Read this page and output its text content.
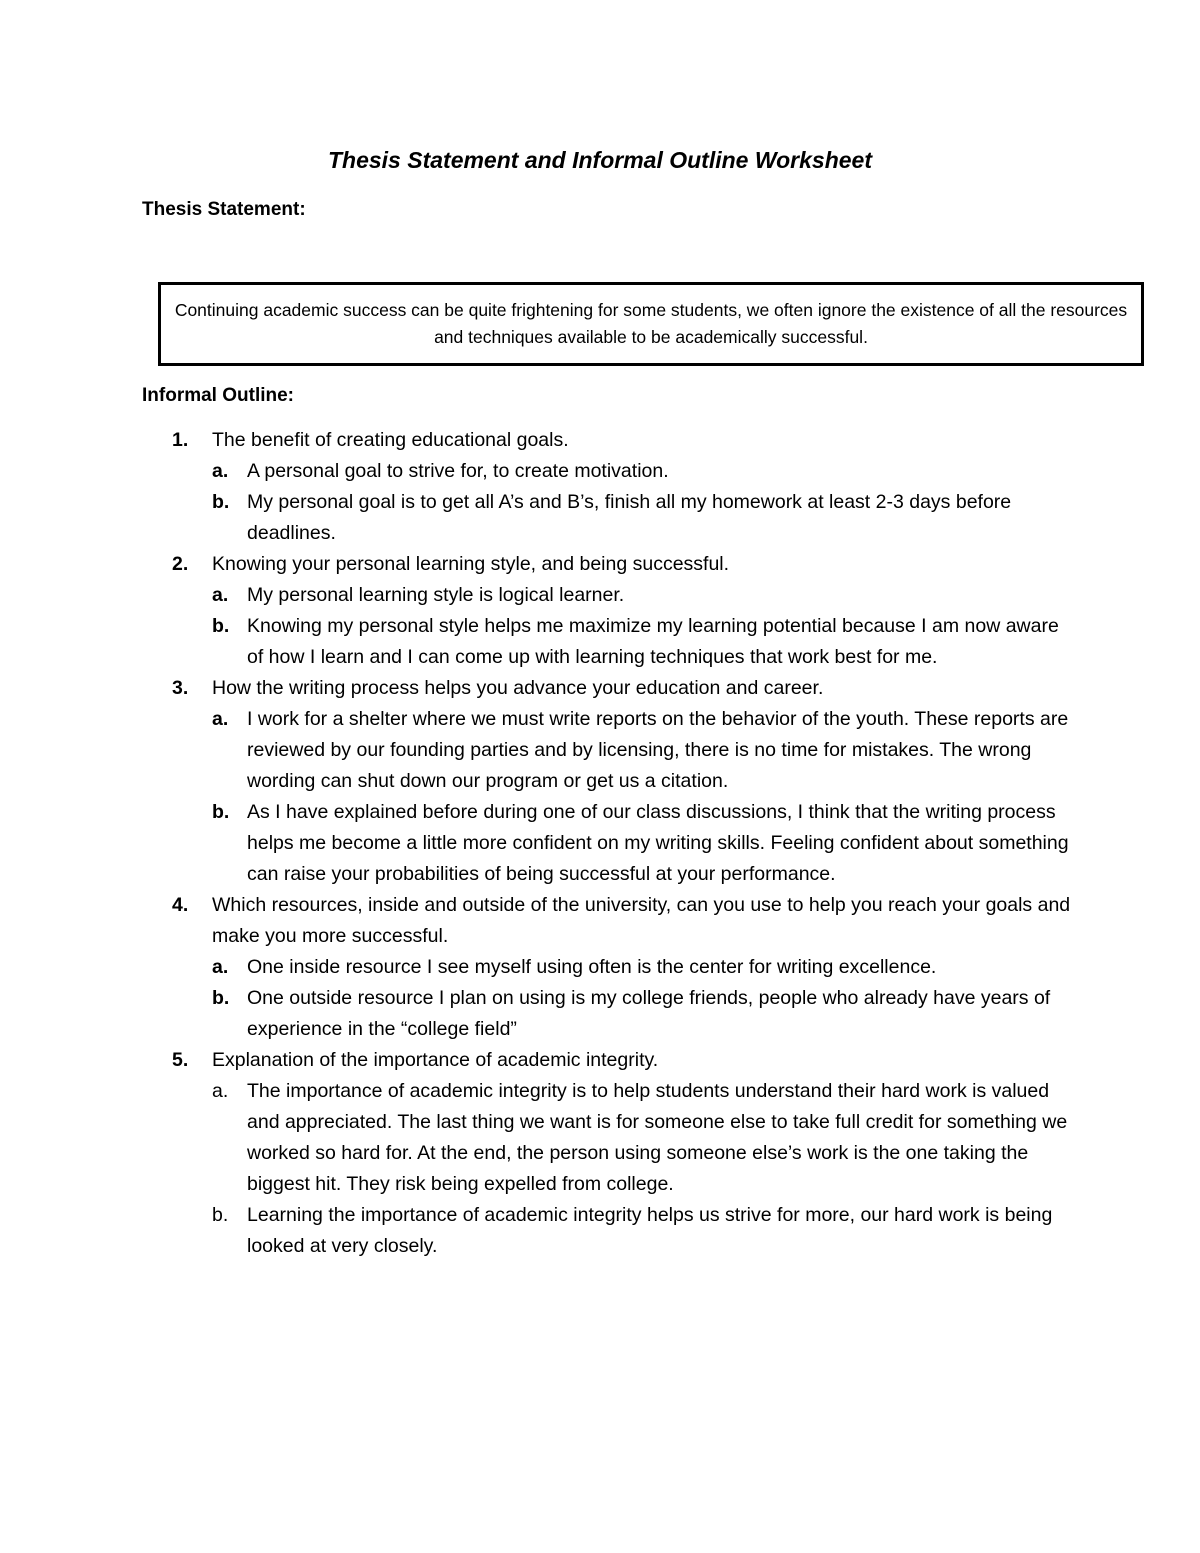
Thesis Statement and Informal Outline Worksheet

Thesis Statement:

Continuing academic success can be quite frightening for some students, we often ignore the existence of all the resources and techniques available to be academically successful.

Informal Outline:

1. The benefit of creating educational goals.
a. A personal goal to strive for, to create motivation.
b. My personal goal is to get all A’s and B’s, finish all my homework at least 2-3 days before deadlines.
2. Knowing your personal learning style, and being successful.
a. My personal learning style is logical learner.
b. Knowing my personal style helps me maximize my learning potential because I am now aware of how I learn and I can come up with learning techniques that work best for me.
3. How the writing process helps you advance your education and career.
a. I work for a shelter where we must write reports on the behavior of the youth. These reports are reviewed by our founding parties and by licensing, there is no time for mistakes. The wrong wording can shut down our program or get us a citation.
b. As I have explained before during one of our class discussions, I think that the writing process helps me become a little more confident on my writing skills. Feeling confident about something can raise your probabilities of being successful at your performance.
4. Which resources, inside and outside of the university, can you use to help you reach your goals and make you more successful.
a. One inside resource I see myself using often is the center for writing excellence.
b. One outside resource I plan on using is my college friends, people who already have years of experience in the “college field”
5. Explanation of the importance of academic integrity.
a. The importance of academic integrity is to help students understand their hard work is valued and appreciated. The last thing we want is for someone else to take full credit for something we worked so hard for. At the end, the person using someone else’s work is the one taking the biggest hit. They risk being expelled from college.
b. Learning the importance of academic integrity helps us strive for more, our hard work is being looked at very closely.
